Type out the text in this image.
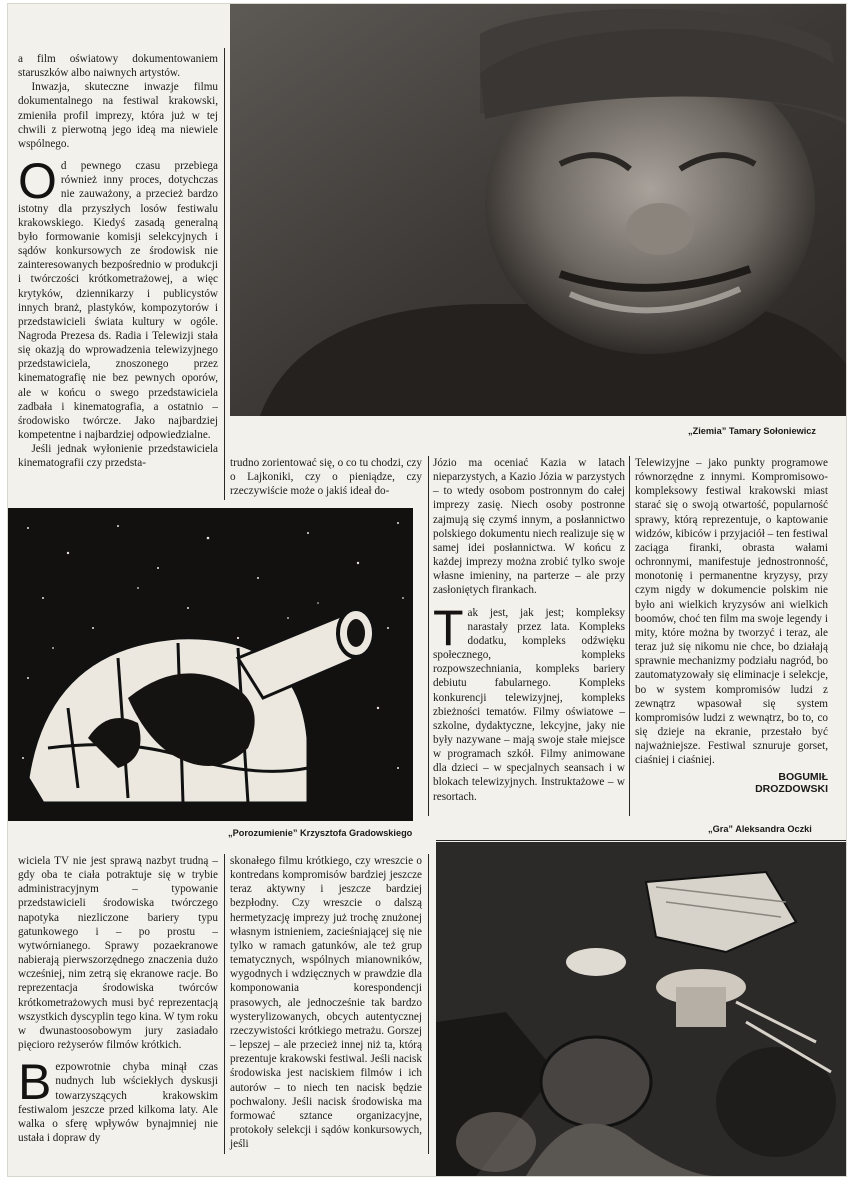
a film oświatowy dokumentowaniem staruszków albo naiwnych artystów.

Inwazja, skuteczne inwazje filmu dokumentalnego na festiwal krakowski, zmieniła profil imprezy, która już w tej chwili z pierwotną jego ideą ma niewiele wspólnego.

Od pewnego czasu przebiega również inny proces, dotychczas nie zauważony, a przecież bardzo istotny dla przyszłych losów festiwalu krakowskiego. Kiedyś zasadą generalną było formowanie komisji selekcyjnych i sądów konkursowych ze środowisk nie zainteresowanych bezpośrednio w produkcji i twórczości krótkometrażowej, a więc krytyków, dziennikarzy i publicystów innych branż, plastyków, kompozytorów i przedstawicieli świata kultury w ogóle. Nagroda Prezesa ds. Radia i Telewizji stała się okazją do wprowadzenia telewizyjnego przedstawiciela, znoszonego przez kinematografię nie bez pewnych oporów, ale w końcu o swego przedstawiciela zadbała i kinematografia, a ostatnio – środowisko twórcze. Jako najbardziej kompetentne i najbardziej odpowiedzialne.

Jeśli jednak wyłonienie przedstawiciela kinematografii czy przedsta-

„Ziemia” Tamary Sołoniewicz

trudno zorientować się, o co tu chodzi, czy o Lajkoniki, czy o pieniądze, czy rzeczywiście może o jakiś ideał do-

Józio ma oceniać Kazia w latach nieparzystych, a Kazio Józia w parzystych – to wtedy osobom postronnym do całej imprezy zasię. Niech osoby postronne zajmują się czymś innym, a posłannictwo polskiego dokumentu niech realizuje się w samej idei posłannictwa. W końcu z każdej imprezy można zrobić tylko swoje własne imieniny, na parterze – ale przy zasłoniętych firankach.

Tak jest, jak jest; kompleksy narastały przez lata. Kompleks dodatku, kompleks odźwięku społecznego, kompleks rozpowszechniania, kompleks bariery debiutu fabularnego. Kompleks konkurencji telewizyjnej, kompleks zbieżności tematów. Filmy oświatowe – szkolne, dydaktyczne, lekcyjne, jaky nie były nazywane – mają swoje stałe miejsce w programach szkół. Filmy animowane dla dzieci – w specjalnych seansach i w blokach telewizyjnych. Instruktażowe – w resortach.

Telewizyjne – jako punkty programowe równorzędne z innymi. Kompromisowo-kompleksowy festiwal krakowski miast starać się o swoją otwartość, popularność sprawy, którą reprezentuje, o kaptowanie widzów, kibiców i przyjaciół – ten festiwal zaciąga firanki, obrasta wałami ochronnymi, manifestuje jednostronność, monotonię i permanentne kryzysy, przy czym nigdy w dokumencie polskim nie było ani wielkich kryzysów ani wielkich boomów, choć ten film ma swoje legendy i mity, które można by tworzyć i teraz, ale teraz już się nikomu nie chce, bo działają sprawnie mechanizmy podziału nagród, bo zautomatyzowały się eliminacje i selekcje, bo w system kompromisów ludzi z zewnątrz wpasował się system kompromisów ludzi z wewnątrz, bo to, co się dzieje na ekranie, przestało być najważniejsze. Festiwal sznuruje gorset, ciaśniej i ciaśniej.

BOGUMIŁ
DROZDOWSKI
„Porozumienie” Krzysztofa Gradowskiego	„Gra” Aleksandra Oczki

wiciela TV nie jest sprawą nazbyt trudną – gdy oba te ciała potraktuje się w trybie administracyjnym – typowanie przedstawicieli środowiska twórczego napotyka niezliczone bariery typu gatunkowego i – po prostu – wytwórnianego. Sprawy pozaekranowe nabierają pierwszorzędnego znaczenia dużo wcześniej, nim zetrą się ekranowe racje. Bo reprezentacja środowiska twórców krótkometrażowych musi być reprezentacją wszystkich dyscyplin tego kina. W tym roku w dwunastoosobowym jury zasiadało pięcioro reżyserów filmów krótkich.

Bezpowrotnie chyba minął czas nudnych lub wściekłych dyskusji towarzyszących krakowskim festiwalom jeszcze przed kilkoma laty. Ale walka o sferę wpływów bynajmniej nie ustała i dopraw dy

skonałego filmu krótkiego, czy wreszcie o kontredans kompromisów bardziej jeszcze teraz aktywny i jeszcze bardziej bezpłodny. Czy wreszcie o dalszą hermetyzację imprezy już trochę znużonej własnym istnieniem, zacieśniającej się nie tylko w ramach gatunków, ale też grup tematycznych, wspólnych mianowników, wygodnych i wdzięcznych w prawdzie dla komponowania korespondencji prasowych, ale jednocześnie tak bardzo wysterylizowanych, obcych autentycznej rzeczywistości krótkiego metrażu. Gorszej – lepszej – ale przecież innej niż ta, którą prezentuje krakowski festiwal. Jeśli nacisk środowiska jest naciskiem filmów i ich autorów – to niech ten nacisk będzie pochwalony. Jeśli nacisk środowiska ma formować sztance organizacyjne, protokoły selekcji i sądów konkursowych, jeśli
